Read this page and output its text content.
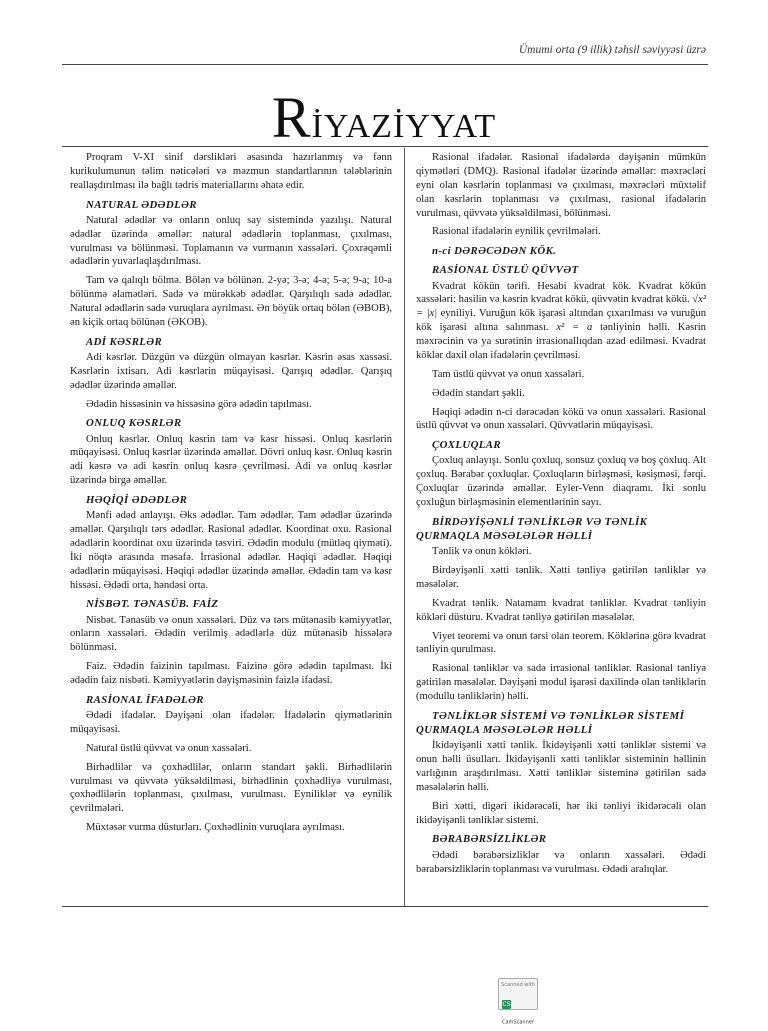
Ümumi orta (9 illik) təhsil səviyyəsi üzrə
RİYAZİYYAT

Proqram V-XI sinif dərslikləri əsasında hazırlanmış və fənn kurikulumunun təlim nəticələri və məzmun standartlarının tələblərinin reallaşdırılması ilə bağlı tədris materiallarını əhatə edir.

NATURAL ƏDƏDLƏR

Natural ədədlər və onların onluq say sistemində yazılışı. Natural ədədlər üzərində əməllər: natural ədədlərin toplanması, çıxılması, vurulması və bölünməsi. Toplamanın və vurmanın xassələri. Çoxrəqəmli ədədlərin yuvarlaqlaşdırılması.

Tam və qalıqlı bölmə. Bölən və bölünən. 2-yə; 3-ə; 4-ə; 5-ə; 9-a; 10-a bölünmə əlamətləri. Sadə və mürəkkəb ədədlər. Qarşılıqlı sadə ədədlər. Natural ədədlərin sadə vuruqlara ayrılması. Ən böyük ortaq bölən (ƏBOB), ən kiçik ortaq bölünən (ƏKOB).

ADİ KƏSRLƏR

Adi kəsrlər. Düzgün və düzgün olmayan kəsrlər. Kəsrin əsas xassəsi. Kəsrlərin ixtisarı. Adi kəsrlərin müqayisəsi. Qarışıq ədədlər. Qarışıq ədədlər üzərində əməllər.

Ədədin hissəsinin və hissəsinə görə ədədin tapılması.

ONLUQ KƏSRLƏR

Onluq kəsrlər. Onluq kəsrin tam və kəsr hissəsi. Onluq kəsrlərin müqayisəsi. Onluq kəsrlər üzərində əməllər. Dövri onluq kəsr. Onluq kəsrin adi kəsrə və adi kəsrin onluq kəsrə çevrilməsi. Adi və onluq kəsrlər üzərində birgə əməllər.

HƏQİQİ ƏDƏDLƏR

Mənfi ədəd anlayışı. Əks ədədlər. Tam ədədlər. Tam ədədlər üzərində əməllər. Qarşılıqlı tərs ədədlər. Rasional ədədlər. Koordinat oxu. Rasional ədədlərin koordinat oxu üzərində təsviri. Ədədin modulu (mütləq qiyməti). İki nöqtə arasında məsafə. İrrasional ədədlər. Həqiqi ədədlər. Həqiqi ədədlərin müqayisəsi. Həqiqi ədədlər üzərində əməllər. Ədədin tam və kəsr hissəsi. Ədədi orta, həndəsi orta.

NİSBƏT. TƏNASÜB. FAİZ

Nisbət. Tənasüb və onun xassələri. Düz və tərs mütənasib kəmiyyətlər, onların xassələri. Ədədin verilmiş ədədlərlə düz mütənasib hissələrə bölünməsi.

Faiz. Ədədin faizinin tapılması. Faizinə görə ədədin tapılması. İki ədədin faiz nisbəti. Kəmiyyətlərin dəyişməsinin faizlə ifadəsi.

RASİONAL İFADƏLƏR

Ədədi ifadələr. Dəyişəni olan ifadələr. İfadələrin qiymətlərinin müqayisəsi.

Natural üstlü qüvvət və onun xassələri.

Birhədlilər və çoxhədlilər, onların standart şəkli. Birhədlilərin vurulması və qüvvətə yüksəldilməsi, birhədlinin çoxhədliyə vurulması, çoxhədlilərin toplanması, çıxılması, vurulması. Eyniliklər və eynilik çevrilmələri.

Müxtəsər vurma düsturları. Çoxhədlinin vuruqlara ayrılması.

Rasional ifadələr. Rasional ifadələrdə dəyişənin mümkün qiymətləri (DMQ). Rasional ifadələr üzərində əməllər: məxrəcləri eyni olan kəsrlərin toplanması və çıxılması, məxrəcləri müxtəlif olan kəsrlərin toplanması və çıxılması, rasional ifadələrin vurulması, qüvvətə yüksəldilməsi, bölünməsi.

Rasional ifadələrin eynilik çevrilmələri.

n-ci DƏRƏCƏDƏN KÖK.
RASİONAL ÜSTLÜ QÜVVƏT

Kvadrat kökün tərifi. Hesabi kvadrat kök. Kvadrat kökün xassələri: hasilin və kəsrin kvadrat kökü, qüvvətin kvadrat kökü. √x² = |x| eyniliyi. Vuruğun kök işarəsi altından çıxarılması və vuruğun kök işarəsi altına salınması. x² = a tənliyinin həlli. Kəsrin məxrəcinin və ya surətinin irrasionallıqdan azad edilməsi. Kvadrat köklər daxil olan ifadələrin çevrilməsi.

Tam üstlü qüvvət və onun xassələri.

Ədədin standart şəkli.

Həqiqi ədədin n-ci dərəcədən kökü və onun xassələri. Rasional üstlü qüvvət və onun xassələri. Qüvvətlərin müqayisəsi.

ÇOXLUQLAR

Çoxluq anlayışı. Sonlu çoxluq, sonsuz çoxluq və boş çoxluq. Alt çoxluq. Bərabər çoxluqlar. Çoxluqların birləşməsi, kəsişməsi, fərqi. Çoxluqlar üzərində əməllər. Eyler-Venn diaqramı. İki sonlu çoxluğun birləşməsinin elementlərinin sayı.

BİRDƏYİŞƏNLİ TƏNLİKLƏR VƏ TƏNLİK QURMAQLA MƏSƏLƏLƏR HƏLLİ

Tənlik və onun kökləri.

Birdəyişənli xətti tənlik. Xətti tənliyə gətirilən tənliklər və məsələlər.

Kvadrat tənlik. Natamam kvadrat tənliklər. Kvadrat tənliyin kökləri düsturu. Kvadrat tənliyə gətirilən məsələlər.

Viyet teoremi və onun tərsi olan teorem. Köklərinə görə kvadrat tənliyin qurulması.

Rasional tənliklər və sadə irrasional tənliklər. Rasional tənliyə gətirilən məsələlər. Dəyişəni modul işarəsi daxilində olan tənliklərin (modullu tənliklərin) həlli.

TƏNLİKLƏR SİSTEMİ VƏ TƏNLİKLƏR SİSTEMİ QURMAQLA MƏSƏLƏLƏR HƏLLİ

İkidəyişənli xətti tənlik. İkidəyişənli xətti tənliklər sistemi və onun həlli üsulları. İkidəyişənli xətti tənliklər sisteminin həllinin varlığının araşdırılması. Xətti tənliklər sisteminə gətirilən sadə məsələlərin həlli.

Biri xətti, digəri ikidərəcəli, hər iki tənliyi ikidərəcəli olan ikidəyişənli tənliklər sistemi.

BƏRABƏRSİZLİKLƏR

Ədədi bərabərsizliklər və onların xassələri. Ədədi bərabərsizliklərin toplanması və vurulması. Ədədi aralıqlar.

Scanned with
CS CamScanner
